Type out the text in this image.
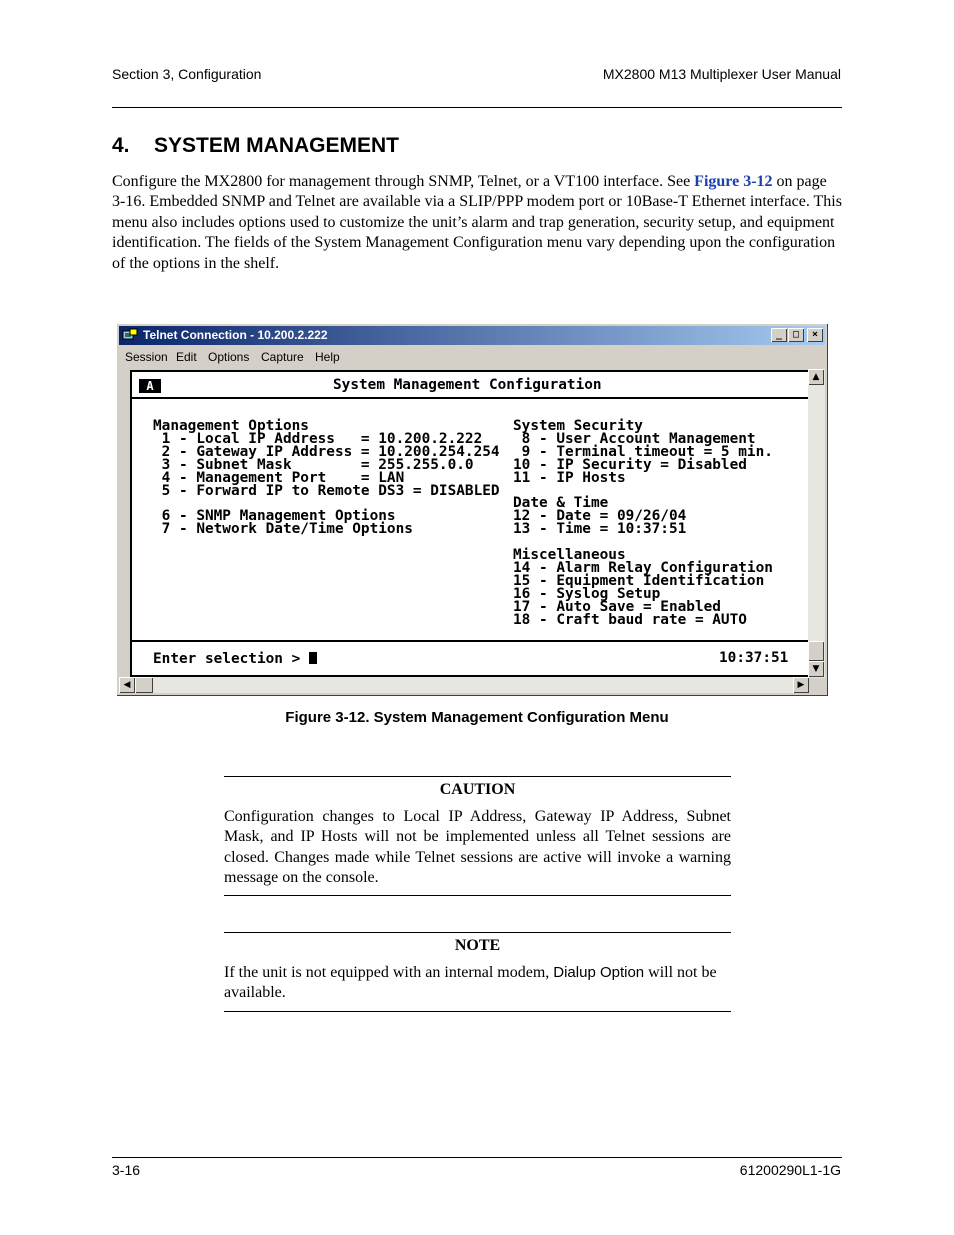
Section 3, Configuration	MX2800 M13 Multiplexer User Manual
4. SYSTEM MANAGEMENT
Configure the MX2800 for management through SNMP, Telnet, or a VT100 interface. See Figure 3-12 on page 3-16. Embedded SNMP and Telnet are available via a SLIP/PPP modem port or 10Base-T Ethernet interface. This menu also includes options used to customize the unit’s alarm and trap generation, security setup, and equipment identification. The fields of the System Management Configuration menu vary depending upon the configuration of the options in the shelf.
Telnet Connection - 10.200.2.222	_	□	×
Session Edit Options Capture Help
A	System Management Configuration
Management Options
1 - Local IP Address   = 10.200.2.222
2 - Gateway IP Address = 10.200.254.254
3 - Subnet Mask        = 255.255.0.0
4 - Management Port    = LAN
5 - Forward IP to Remote DS3 = DISABLED
6 - SNMP Management Options
7 - Network Date/Time Options
System Security
8 - User Account Management
9 - Terminal timeout = 5 min.
10 - IP Security = Disabled
11 - IP Hosts
Date & Time
12 - Date = 09/26/04
13 - Time = 10:37:51
Miscellaneous
14 - Alarm Relay Configuration
15 - Equipment Identification
16 - Syslog Setup
17 - Auto Save = Enabled
18 - Craft baud rate = AUTO
Enter selection >	10:37:51
▲
▼
◀	▶
Figure 3-12. System Management Configuration Menu
CAUTION
Configuration changes to Local IP Address, Gateway IP Address, Subnet Mask, and IP Hosts will not be implemented unless all Telnet sessions are closed. Changes made while Telnet sessions are active will invoke a warning message on the console.
NOTE
If the unit is not equipped with an internal modem, Dialup Option will not be available.
3-16	61200290L1-1G
